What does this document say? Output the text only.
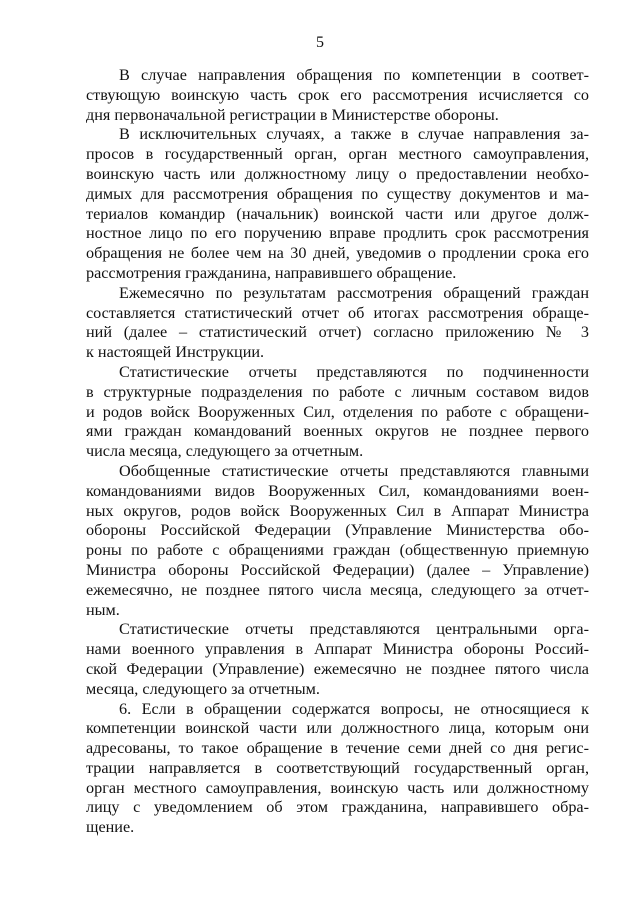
5
В случае направления обращения по компетенции в соответ-
ствующую воинскую часть срок его рассмотрения исчисляется со
дня первоначальной регистрации в Министерстве обороны.
В исключительных случаях, а также в случае направления за-
просов в государственный орган, орган местного самоуправления,
воинскую часть или должностному лицу о предоставлении необхо-
димых для рассмотрения обращения по существу документов и ма-
териалов командир (начальник) воинской части или другое долж-
ностное лицо по его поручению вправе продлить срок рассмотрения
обращения не более чем на 30 дней, уведомив о продлении срока его
рассмотрения гражданина, направившего обращение.
Ежемесячно по результатам рассмотрения обращений граждан
составляется статистический отчет об итогах рассмотрения обраще-
ний (далее – статистический отчет) согласно приложению № 3
к настоящей Инструкции.
Статистические отчеты представляются по подчиненности
в структурные подразделения по работе с личным составом видов
и родов войск Вооруженных Сил, отделения по работе с обращени-
ями граждан командований военных округов не позднее первого
числа месяца, следующего за отчетным.
Обобщенные статистические отчеты представляются главными
командованиями видов Вооруженных Сил, командованиями воен-
ных округов, родов войск Вооруженных Сил в Аппарат Министра
обороны Российской Федерации (Управление Министерства обо-
роны по работе с обращениями граждан (общественную приемную
Министра обороны Российской Федерации) (далее – Управление)
ежемесячно, не позднее пятого числа месяца, следующего за отчет-
ным.
Статистические отчеты представляются центральными орга-
нами военного управления в Аппарат Министра обороны Россий-
ской Федерации (Управление) ежемесячно не позднее пятого числа
месяца, следующего за отчетным.
6. Если в обращении содержатся вопросы, не относящиеся к
компетенции воинской части или должностного лица, которым они
адресованы, то такое обращение в течение семи дней со дня регис-
трации направляется в соответствующий государственный орган,
орган местного самоуправления, воинскую часть или должностному
лицу с уведомлением об этом гражданина, направившего обра-
щение.
